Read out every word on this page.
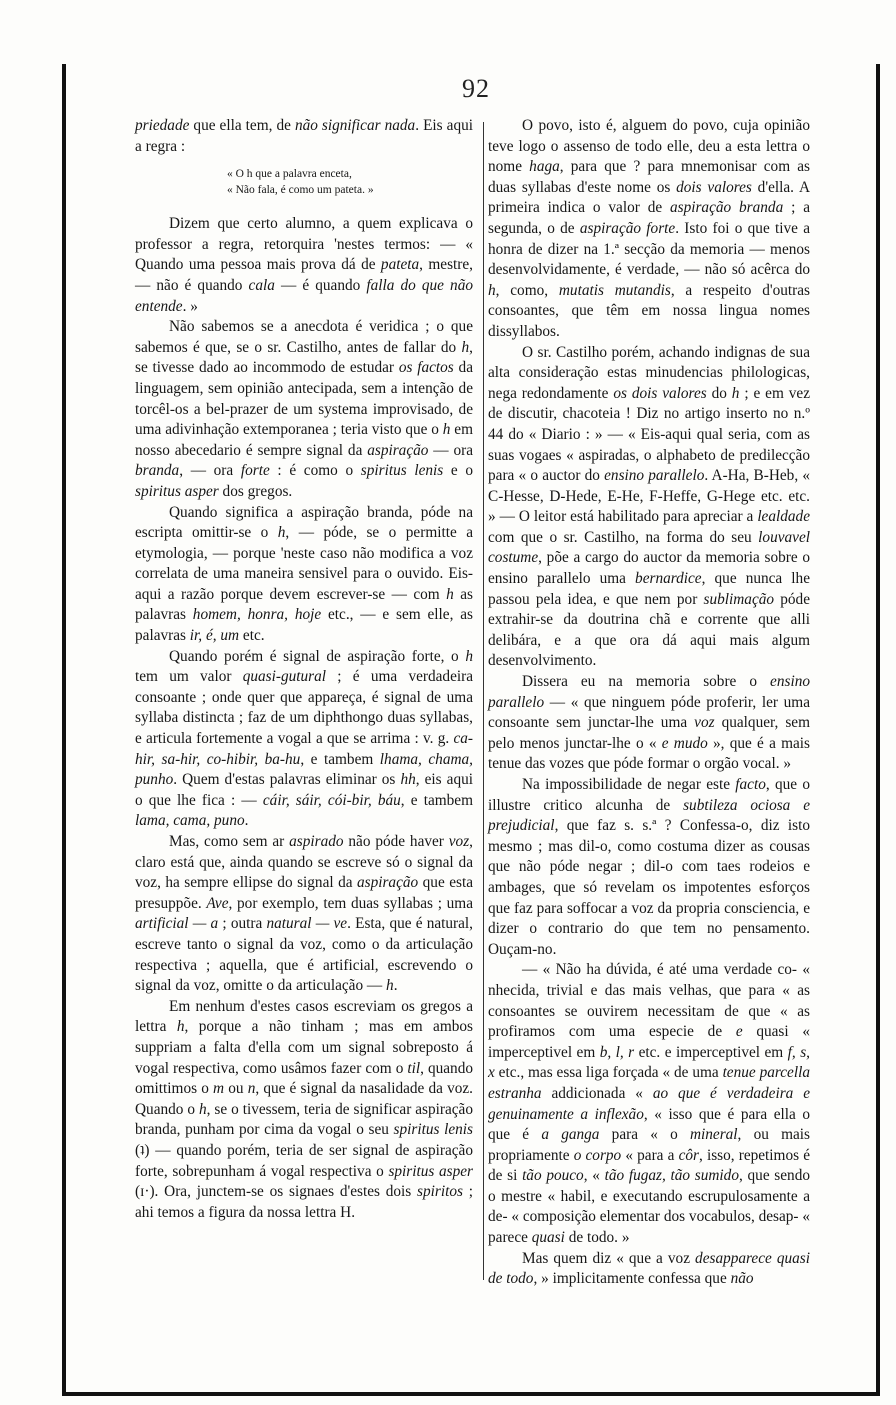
92

priedade que ella tem, de não significar nada. Eis aqui a regra :

« O h que a palavra enceta,
« Não fala, é como um pateta. »

Dizem que certo alumno, a quem explicava o professor a regra, retorquira 'nestes termos: — « Quando uma pessoa mais prova dá de pateta, mestre, — não é quando cala — é quando falla do que não entende. »

Não sabemos se a anecdota é veridica ; o que sabemos é que, se o sr. Castilho, antes de fallar do h, se tivesse dado ao incommodo de estudar os factos da linguagem, sem opinião antecipada, sem a intenção de torcêl-os a bel-prazer de um systema improvisado, de uma adivinhação extemporanea ; teria visto que o h em nosso abecedario é sempre signal da aspiração — ora branda, — ora forte : é como o spiritus lenis e o spiritus asper dos gregos.

Quando significa a aspiração branda, póde na escripta omittir-se o h, — póde, se o permitte a etymologia, — porque 'neste caso não modifica a voz correlata de uma maneira sensivel para o ouvido. Eis-aqui a razão porque devem escrever-se — com h as palavras homem, honra, hoje etc., — e sem elle, as palavras ir, é, um etc.

Quando porém é signal de aspiração forte, o h tem um valor quasi-gutural ; é uma verdadeira consoante ; onde quer que appareça, é signal de uma syllaba distincta ; faz de um diphthongo duas syllabas, e articula fortemente a vogal a que se arrima : v. g. ca-hir, sa-hir, co-hibir, ba-hu, e tambem lhama, chama, punho. Quem d'estas palavras eliminar os hh, eis aqui o que lhe fica : — cáir, sáir, cói-bir, báu, e tambem lama, cama, puno.

Mas, como sem ar aspirado não póde haver voz, claro está que, ainda quando se escreve só o signal da voz, ha sempre ellipse do signal da aspiração que esta presuppõe. Ave, por exemplo, tem duas syllabas ; uma artificial — a ; outra natural — ve. Esta, que é natural, escreve tanto o signal da voz, como o da articulação respectiva ; aquella, que é artificial, escrevendo o signal da voz, omitte o da articulação — h.

Em nenhum d'estes casos escreviam os gregos a lettra h, porque a não tinham ; mas em ambos suppriam a falta d'ella com um signal sobreposto á vogal respectiva, como usâmos fazer com o til, quando omittimos o m ou n, que é signal da nasalidade da voz. Quando o h, se o tivessem, teria de significar aspiração branda, punham por cima da vogal o seu spiritus lenis (ʇ) — quando porém, teria de ser signal de aspiração forte, sobrepunham á vogal respectiva o spiritus asper (ɪ·). Ora, junctem-se os signaes d'estes dois spiritos ; ahi temos a figura da nossa lettra H.

O povo, isto é, alguem do povo, cuja opinião teve logo o assenso de todo elle, deu a esta lettra o nome haga, para que ? para mnemonisar com as duas syllabas d'este nome os dois valores d'ella. A primeira indica o valor de aspiração branda ; a segunda, o de aspiração forte. Isto foi o que tive a honra de dizer na 1.ª secção da memoria — menos desenvolvidamente, é verdade, — não só acêrca do h, como, mutatis mutandis, a respeito d'outras consoantes, que têm em nossa lingua nomes dissyllabos.

O sr. Castilho porém, achando indignas de sua alta consideração estas minudencias philologicas, nega redondamente os dois valores do h ; e em vez de discutir, chacoteia ! Diz no artigo inserto no n.º 44 do « Diario : » — « Eis-aqui qual seria, com as suas vogaes « aspiradas, o alphabeto de predilecção para « o auctor do ensino parallelo. A-Ha, B-Heb, « C-Hesse, D-Hede, E-He, F-Heffe, G-Hege etc. etc. » — O leitor está habilitado para apreciar a lealdade com que o sr. Castilho, na forma do seu louvavel costume, põe a cargo do auctor da memoria sobre o ensino parallelo uma bernardice, que nunca lhe passou pela idea, e que nem por sublimação póde extrahir-se da doutrina chã e corrente que alli delibára, e a que ora dá aqui mais algum desenvolvimento.

Dissera eu na memoria sobre o ensino parallelo — « que ninguem póde proferir, ler uma consoante sem junctar-lhe uma voz qualquer, sem pelo menos junctar-lhe o « e mudo », que é a mais tenue das vozes que póde formar o orgão vocal. »

Na impossibilidade de negar este facto, que o illustre critico alcunha de subtileza ociosa e prejudicial, que faz s. s.ª ? Confessa-o, diz isto mesmo ; mas dil-o, como costuma dizer as cousas que não póde negar ; dil-o com taes rodeios e ambages, que só revelam os impotentes esforços que faz para soffocar a voz da propria consciencia, e dizer o contrario do que tem no pensamento. Ouçam-no.

— « Não ha dúvida, é até uma verdade co- « nhecida, trivial e das mais velhas, que para « as consoantes se ouvirem necessitam de que « as profiramos com uma especie de e quasi « imperceptivel em b, l, r etc. e imperceptivel em f, s, x etc., mas essa liga forçada « de uma tenue parcella estranha addicionada « ao que é verdadeira e genuinamente a inflexão, « isso que é para ella o que é a ganga para « o mineral, ou mais propriamente o corpo « para a côr, isso, repetimos é de si tão pouco, « tão fugaz, tão sumido, que sendo o mestre « habil, e executando escrupulosamente a de- « composição elementar dos vocabulos, desap- « parece quasi de todo. »

Mas quem diz « que a voz desapparece quasi de todo, » implicitamente confessa que não
